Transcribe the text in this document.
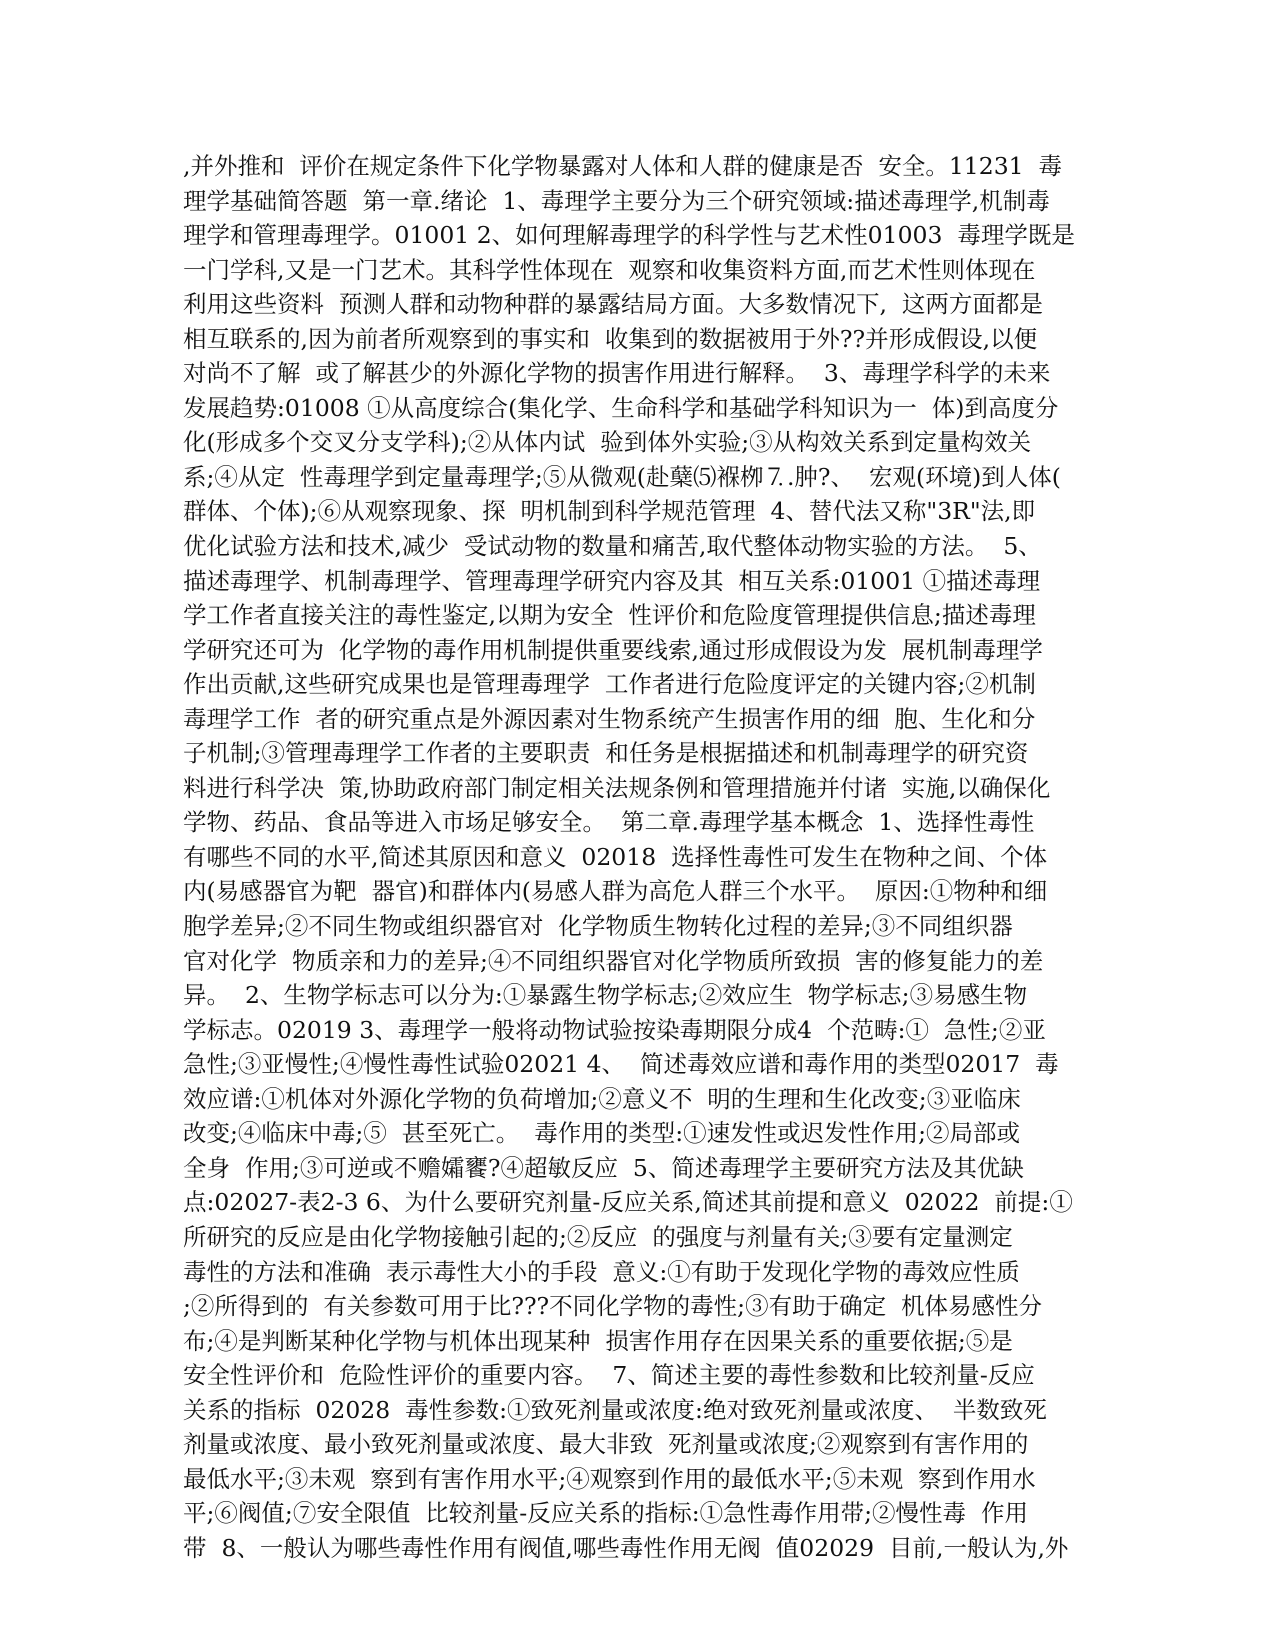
,并外推和  评价在规定条件下化学物暴露对人体和人群的健康是否  安全。11231  毒
理学基础简答题  第一章.绪论  1、毒理学主要分为三个研究领域:描述毒理学,机制毒
理学和管理毒理学。01001 2、如何理解毒理学的科学性与艺术性01003  毒理学既是
一门学科,又是一门艺术。其科学性体现在  观察和收集资料方面,而艺术性则体现在
利用这些资料  预测人群和动物种群的暴露结局方面。大多数情况下,  这两方面都是
相互联系的,因为前者所观察到的事实和  收集到的数据被用于外??并形成假设,以便
对尚不了解  或了解甚少的外源化学物的损害作用进行解释。  3、毒理学科学的未来
发展趋势:01008 ①从高度综合(集化学、生命科学和基础学科知识为一  体)到高度分
化(形成多个交叉分支学科);②从体内试  验到体外实验;③从构效关系到定量构效关
系;④从定  性毒理学到定量毒理学;⑤从微观(赴蘖⑸褓栁⒎.肿?、  宏观(环境)到人体(
群体、个体);⑥从观察现象、探  明机制到科学规范管理  4、替代法又称"3R"法,即
优化试验方法和技术,减少  受试动物的数量和痛苦,取代整体动物实验的方法。  5、
描述毒理学、机制毒理学、管理毒理学研究内容及其  相互关系:01001 ①描述毒理
学工作者直接关注的毒性鉴定,以期为安全  性评价和危险度管理提供信息;描述毒理
学研究还可为  化学物的毒作用机制提供重要线索,通过形成假设为发  展机制毒理学
作出贡献,这些研究成果也是管理毒理学  工作者进行危险度评定的关键内容;②机制
毒理学工作  者的研究重点是外源因素对生物系统产生损害作用的细  胞、生化和分
子机制;③管理毒理学工作者的主要职责  和任务是根据描述和机制毒理学的研究资
料进行科学决  策,协助政府部门制定相关法规条例和管理措施并付诸  实施,以确保化
学物、药品、食品等进入市场足够安全。  第二章.毒理学基本概念  1、选择性毒性
有哪些不同的水平,简述其原因和意义  02018  选择性毒性可发生在物种之间、个体
内(易感器官为靶  器官)和群体内(易感人群为高危人群三个水平。  原因:①物种和细
胞学差异;②不同生物或组织器官对  化学物质生物转化过程的差异;③不同组织器
官对化学  物质亲和力的差异;④不同组织器官对化学物质所致损  害的修复能力的差
异。  2、生物学标志可以分为:①暴露生物学标志;②效应生  物学标志;③易感生物
学标志。02019 3、毒理学一般将动物试验按染毒期限分成4  个范畴:①  急性;②亚
急性;③亚慢性;④慢性毒性试验02021 4、  简述毒效应谱和毒作用的类型02017  毒
效应谱:①机体对外源化学物的负荷增加;②意义不  明的生理和生化改变;③亚临床
改变;④临床中毒;⑤  甚至死亡。  毒作用的类型:①速发性或迟发性作用;②局部或
全身  作用;③可逆或不赡孀饔?④超敏反应  5、简述毒理学主要研究方法及其优缺
点:02027-表2-3 6、为什么要研究剂量-反应关系,简述其前提和意义  02022  前提:①
所研究的反应是由化学物接触引起的;②反应  的强度与剂量有关;③要有定量测定
毒性的方法和准确  表示毒性大小的手段  意义:①有助于发现化学物的毒效应性质
;②所得到的  有关参数可用于比???不同化学物的毒性;③有助于确定  机体易感性分
布;④是判断某种化学物与机体出现某种  损害作用存在因果关系的重要依据;⑤是
安全性评价和  危险性评价的重要内容。  7、简述主要的毒性参数和比较剂量-反应
关系的指标  02028  毒性参数:①致死剂量或浓度:绝对致死剂量或浓度、  半数致死
剂量或浓度、最小致死剂量或浓度、最大非致  死剂量或浓度;②观察到有害作用的
最低水平;③未观  察到有害作用水平;④观察到作用的最低水平;⑤未观  察到作用水
平;⑥阀值;⑦安全限值  比较剂量-反应关系的指标:①急性毒作用带;②慢性毒  作用
带  8、一般认为哪些毒性作用有阀值,哪些毒性作用无阀  值02029  目前,一般认为,外
